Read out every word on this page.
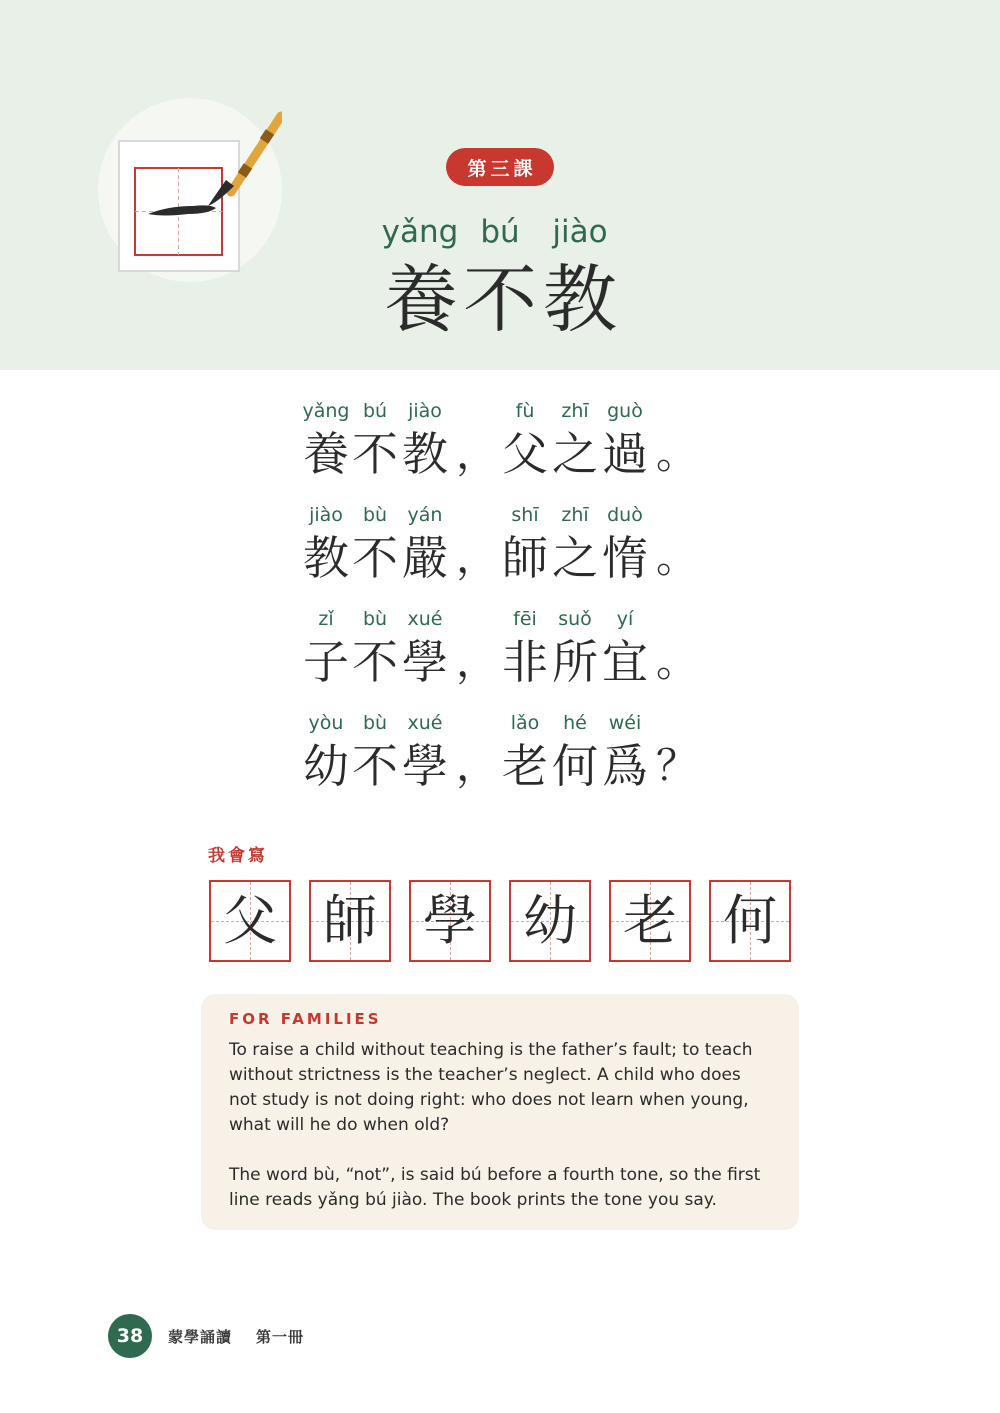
第三課
yǎng bú	jiào
養 不 教
yǎng bú	jiào	fù	zhī guò
養 不 教 ， 父 之 過 。
jiào	bù	yán	shī	zhī duò
教 不 嚴 ， 師 之 惰 。
zǐ	bù	xué	fēi	suǒ	yí
子 不 學 ， 非 所 宜 。
yòu	bù	xué	lǎo	hé	wéi
幼 不 學 ， 老 何 爲 ？
我會寫
父 師 學 幼 老 何
FOR FAMILIES

To raise a child without teaching is the father’s fault; to teach without strictness is the teacher’s neglect. A child who does not study is not doing right: who does not learn when young, what will he do when old?

The word bù, “not”, is said bú before a fourth tone, so the first line reads yǎng bú jiào. The book prints the tone you say.

38	蒙學誦讀 第一冊
